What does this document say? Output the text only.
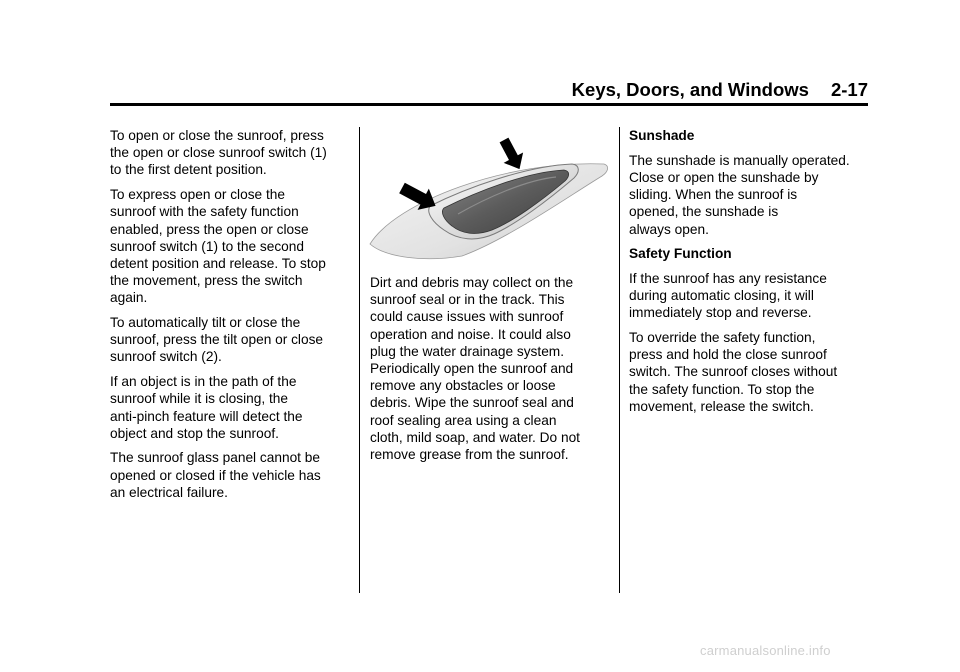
Keys, Doors, and Windows 2-17

To open or close the sunroof, press
the open or close sunroof switch (1)
to the first detent position.

To express open or close the
sunroof with the safety function
enabled, press the open or close
sunroof switch (1) to the second
detent position and release. To stop
the movement, press the switch
again.

To automatically tilt or close the
sunroof, press the tilt open or close
sunroof switch (2).

If an object is in the path of the
sunroof while it is closing, the
anti-pinch feature will detect the
object and stop the sunroof.

The sunroof glass panel cannot be
opened or closed if the vehicle has
an electrical failure.

Dirt and debris may collect on the
sunroof seal or in the track. This
could cause issues with sunroof
operation and noise. It could also
plug the water drainage system.
Periodically open the sunroof and
remove any obstacles or loose
debris. Wipe the sunroof seal and
roof sealing area using a clean
cloth, mild soap, and water. Do not
remove grease from the sunroof.

Sunshade

The sunshade is manually operated.
Close or open the sunshade by
sliding. When the sunroof is
opened, the sunshade is
always open.

Safety Function

If the sunroof has any resistance
during automatic closing, it will
immediately stop and reverse.

To override the safety function,
press and hold the close sunroof
switch. The sunroof closes without
the safety function. To stop the
movement, release the switch.

carmanualsonline.info
